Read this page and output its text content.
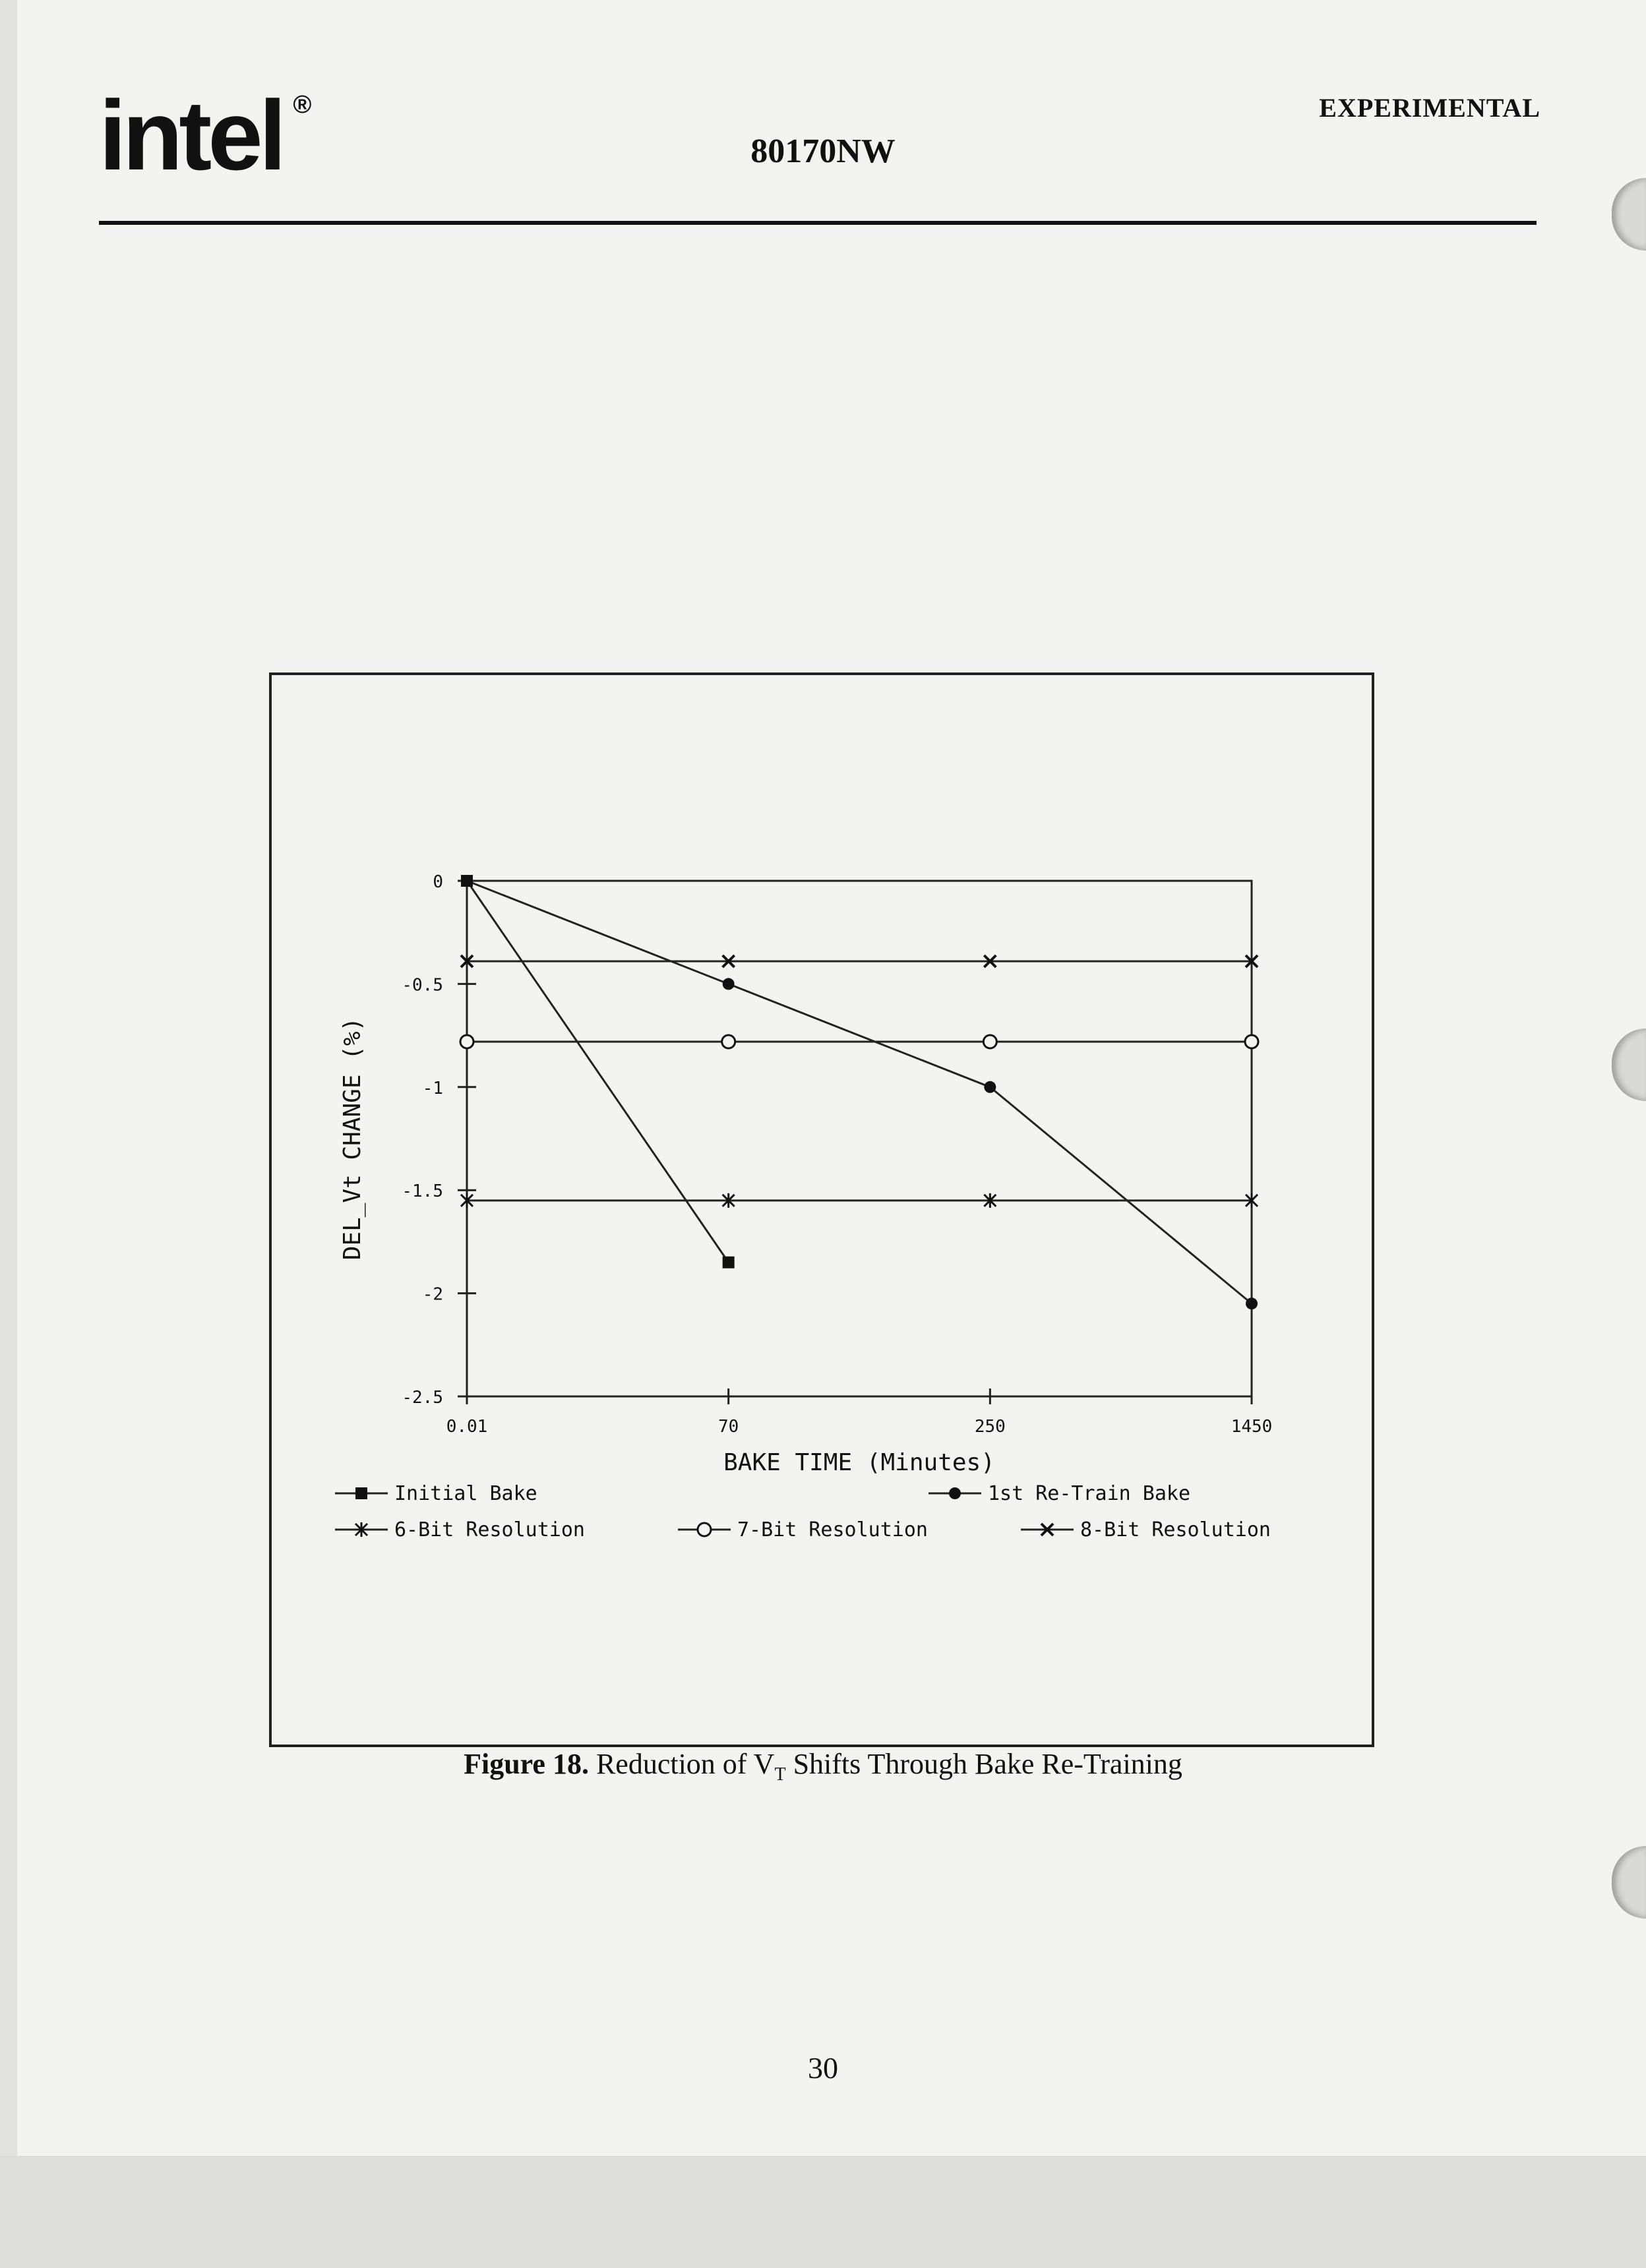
intel ®
80170NW
EXPERIMENTAL
0
-0.5
-1
-1.5
-2
-2.5
0.01	70	250	1450
BAKE TIME (Minutes)
DEL_Vt CHANGE (%)
Initial Bake	1st Re-Train Bake
6-Bit Resolution	7-Bit Resolution	8-Bit Resolution
Figure 18. Reduction of $V_T$ Shifts Through Bake Re-Training
30
